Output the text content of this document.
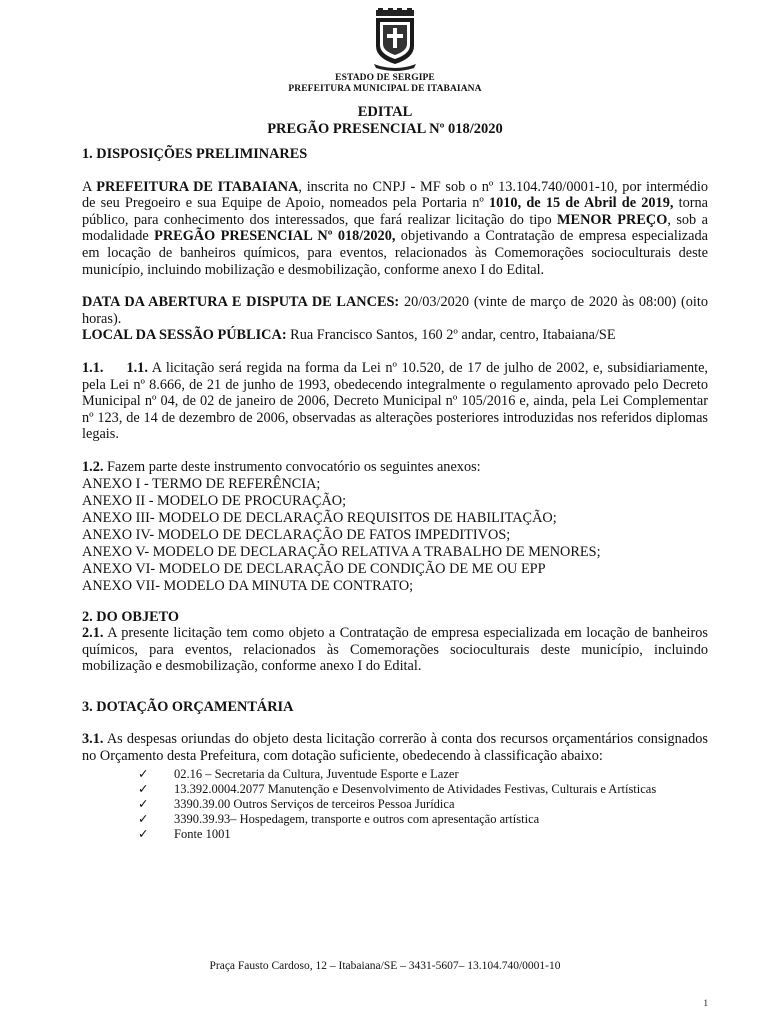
ESTADO DE SERGIPE
PREFEITURA MUNICIPAL DE ITABAIANA
EDITAL
PREGÃO PRESENCIAL Nº 018/2020

1. DISPOSIÇÕES PRELIMINARES

A PREFEITURA DE ITABAIANA, inscrita no CNPJ - MF sob o nº 13.104.740/0001-10, por intermédio de seu Pregoeiro e sua Equipe de Apoio, nomeados pela Portaria nº 1010, de 15 de Abril de 2019, torna público, para conhecimento dos interessados, que fará realizar licitação do tipo MENOR PREÇO, sob a modalidade PREGÃO PRESENCIAL Nº 018/2020, objetivando a Contratação de empresa especializada em locação de banheiros químicos, para eventos, relacionados às Comemorações socioculturais deste município, incluindo mobilização e desmobilização, conforme anexo I do Edital.

DATA DA ABERTURA E DISPUTA DE LANCES: 20/03/2020 (vinte de março de 2020 às 08:00) (oito horas).

LOCAL DA SESSÃO PÚBLICA: Rua Francisco Santos, 160 2º andar, centro, Itabaiana/SE

1.1.     1.1. A licitação será regida na forma da Lei nº 10.520, de 17 de julho de 2002, e, subsidiariamente, pela Lei nº 8.666, de 21 de junho de 1993, obedecendo integralmente o regulamento aprovado pelo Decreto Municipal nº 04, de 02 de janeiro de 2006, Decreto Municipal nº 105/2016 e, ainda, pela Lei Complementar nº 123, de 14 de dezembro de 2006, observadas as alterações posteriores introduzidas nos referidos diplomas legais.

1.2. Fazem parte deste instrumento convocatório os seguintes anexos:

ANEXO I - TERMO DE REFERÊNCIA;

ANEXO II - MODELO DE PROCURAÇÃO;

ANEXO III- MODELO DE DECLARAÇÃO REQUISITOS DE HABILITAÇÃO;

ANEXO IV- MODELO DE DECLARAÇÃO DE FATOS IMPEDITIVOS;

ANEXO V- MODELO DE DECLARAÇÃO RELATIVA A TRABALHO DE MENORES;

ANEXO VI- MODELO DE DECLARAÇÃO DE CONDIÇÃO DE ME OU EPP

ANEXO VII- MODELO DA MINUTA DE CONTRATO;

2. DO OBJETO

2.1. A presente licitação tem como objeto a Contratação de empresa especializada em locação de banheiros químicos, para eventos, relacionados às Comemorações socioculturais deste município, incluindo mobilização e desmobilização, conforme anexo I do Edital.

3. DOTAÇÃO ORÇAMENTÁRIA

3.1. As despesas oriundas do objeto desta licitação correrão à conta dos recursos orçamentários consignados no Orçamento desta Prefeitura, com dotação suficiente, obedecendo à classificação abaixo:

✓ 02.16 – Secretaria da Cultura, Juventude Esporte e Lazer
✓ 13.392.0004.2077 Manutenção e Desenvolvimento de Atividades Festivas, Culturais e Artísticas
✓ 3390.39.00 Outros Serviços de terceiros Pessoa Jurídica
✓ 3390.39.93– Hospedagem, transporte e outros com apresentação artística
✓ Fonte 1001
Praça Fausto Cardoso, 12 – Itabaiana/SE – 3431-5607– 13.104.740/0001-10
1
